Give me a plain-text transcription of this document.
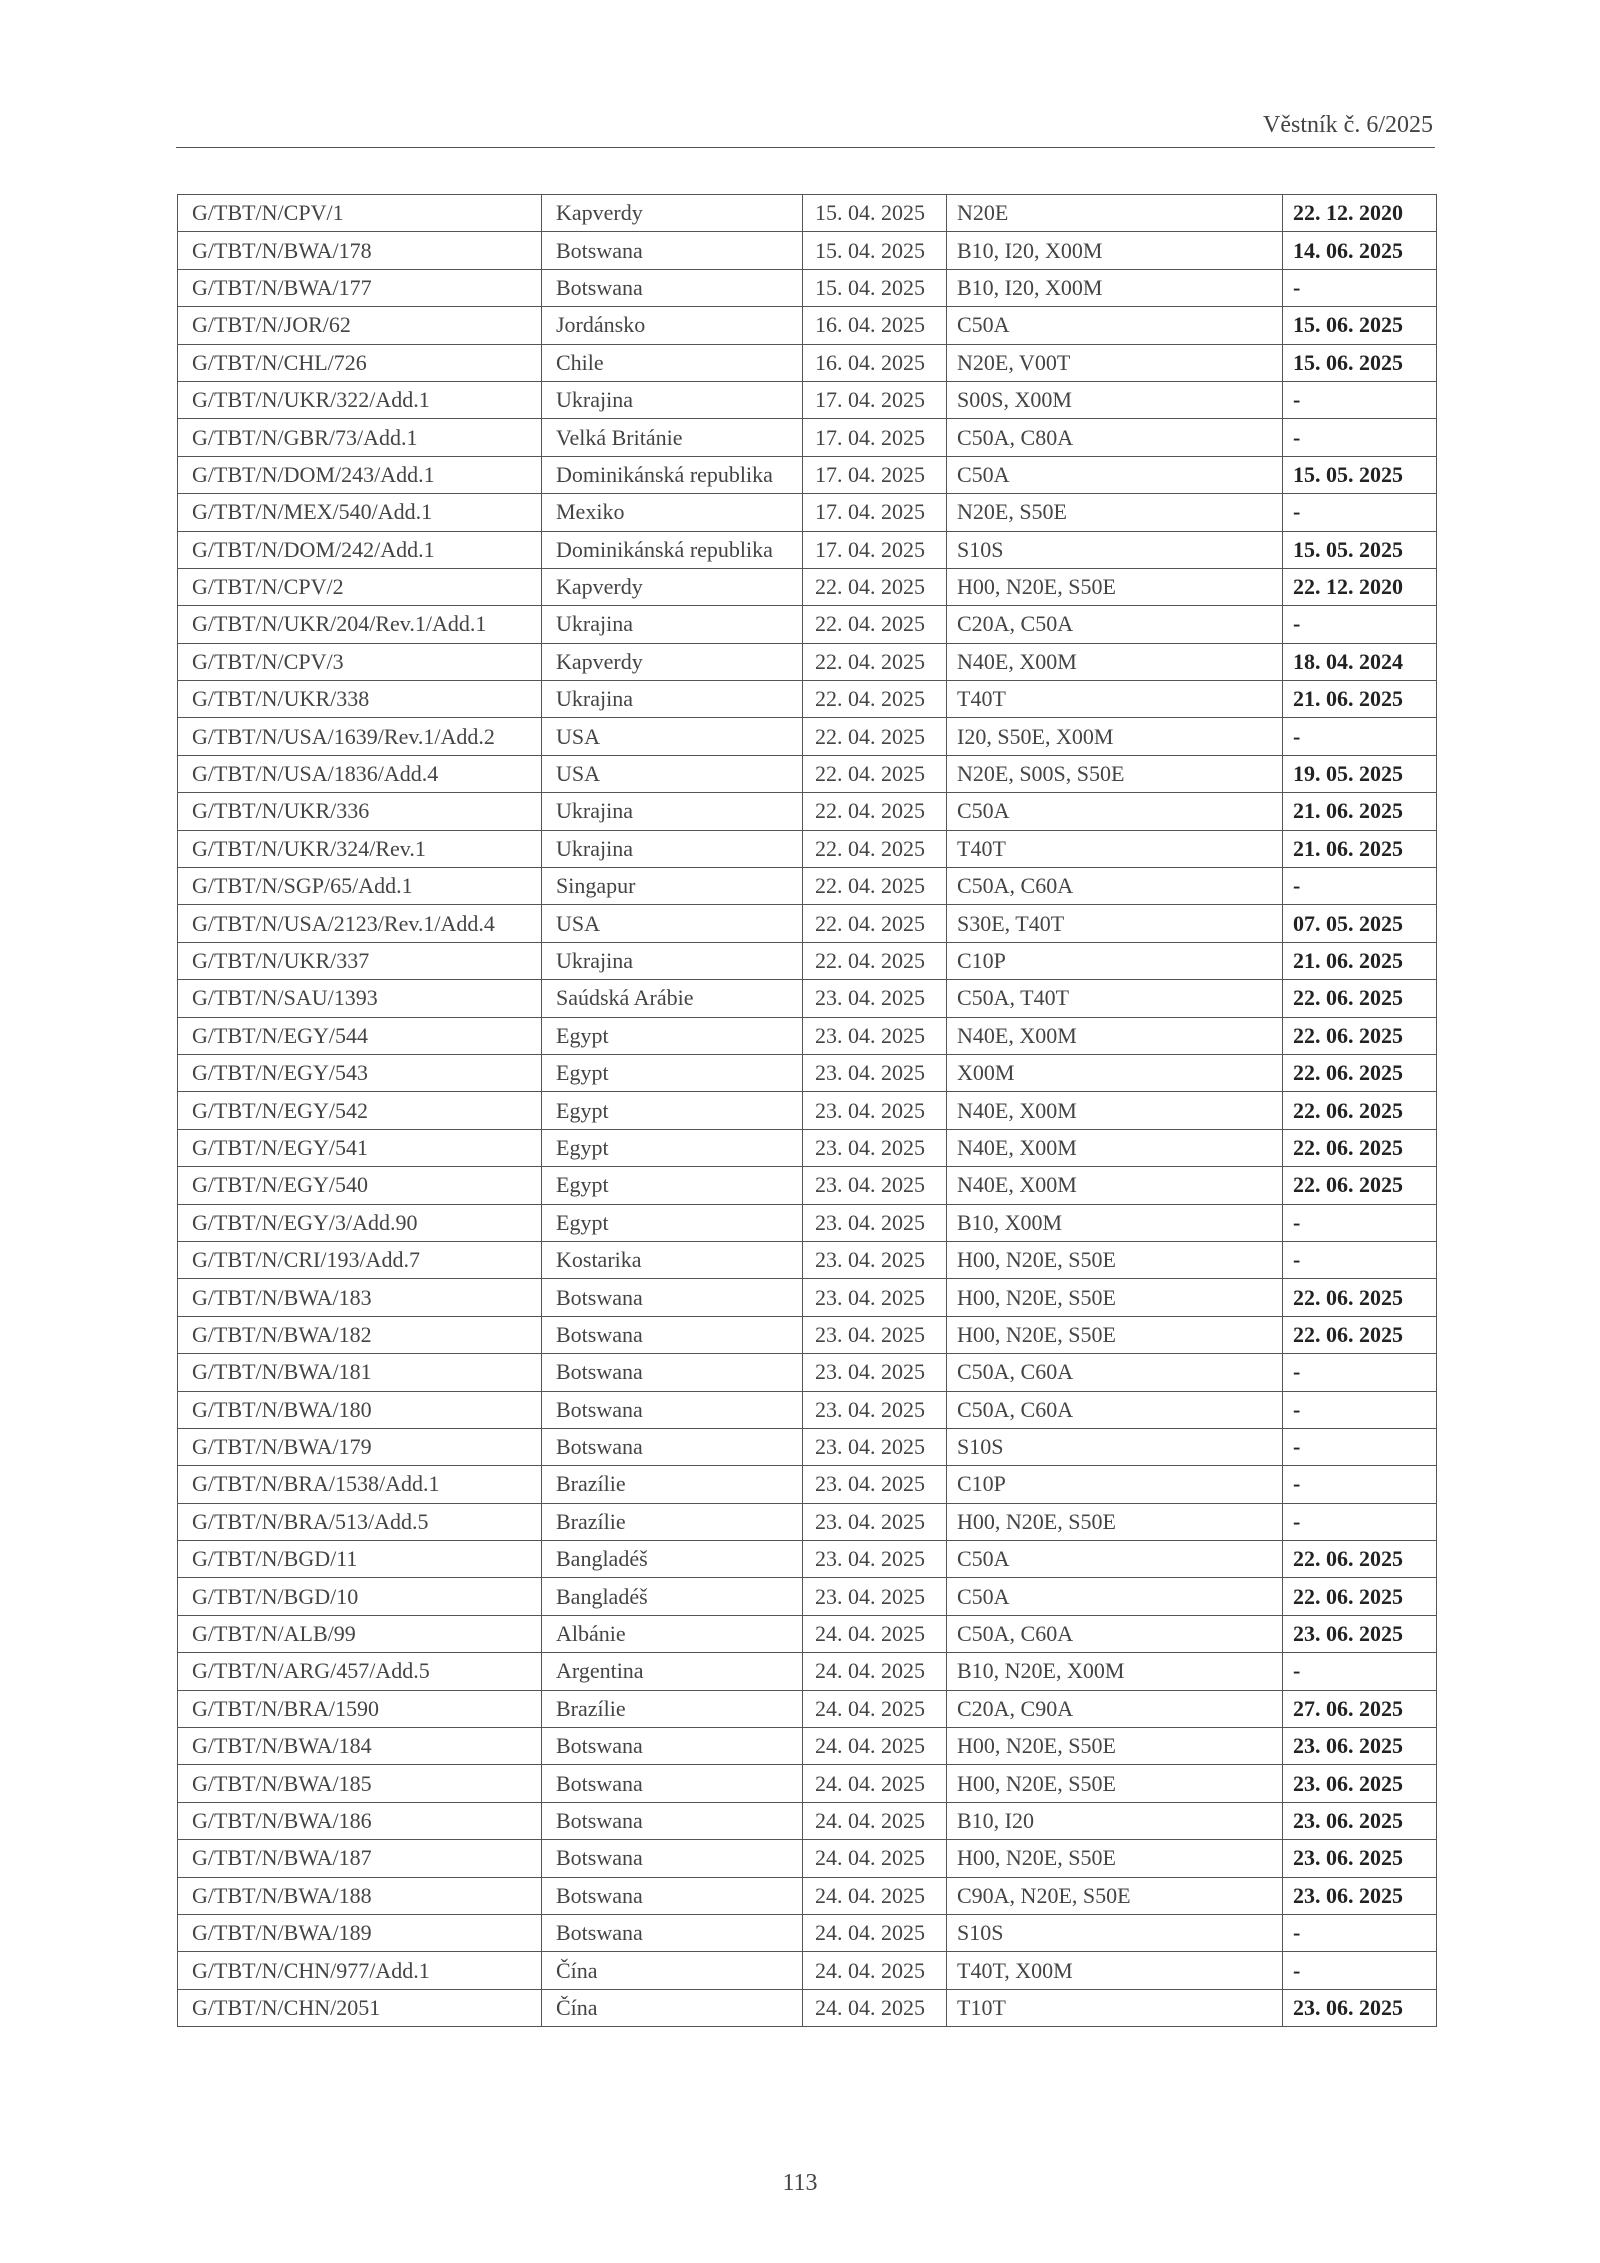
Věstník č. 6/2025
G/TBT/N/CPV/1	Kapverdy	15. 04. 2025	N20E	22. 12. 2020
G/TBT/N/BWA/178	Botswana	15. 04. 2025	B10, I20, X00M	14. 06. 2025
G/TBT/N/BWA/177	Botswana	15. 04. 2025	B10, I20, X00M	-
G/TBT/N/JOR/62	Jordánsko	16. 04. 2025	C50A	15. 06. 2025
G/TBT/N/CHL/726	Chile	16. 04. 2025	N20E, V00T	15. 06. 2025
G/TBT/N/UKR/322/Add.1	Ukrajina	17. 04. 2025	S00S, X00M	-
G/TBT/N/GBR/73/Add.1	Velká Británie	17. 04. 2025	C50A, C80A	-
G/TBT/N/DOM/243/Add.1	Dominikánská republika	17. 04. 2025	C50A	15. 05. 2025
G/TBT/N/MEX/540/Add.1	Mexiko	17. 04. 2025	N20E, S50E	-
G/TBT/N/DOM/242/Add.1	Dominikánská republika	17. 04. 2025	S10S	15. 05. 2025
G/TBT/N/CPV/2	Kapverdy	22. 04. 2025	H00, N20E, S50E	22. 12. 2020
G/TBT/N/UKR/204/Rev.1/Add.1	Ukrajina	22. 04. 2025	C20A, C50A	-
G/TBT/N/CPV/3	Kapverdy	22. 04. 2025	N40E, X00M	18. 04. 2024
G/TBT/N/UKR/338	Ukrajina	22. 04. 2025	T40T	21. 06. 2025
G/TBT/N/USA/1639/Rev.1/Add.2	USA	22. 04. 2025	I20, S50E, X00M	-
G/TBT/N/USA/1836/Add.4	USA	22. 04. 2025	N20E, S00S, S50E	19. 05. 2025
G/TBT/N/UKR/336	Ukrajina	22. 04. 2025	C50A	21. 06. 2025
G/TBT/N/UKR/324/Rev.1	Ukrajina	22. 04. 2025	T40T	21. 06. 2025
G/TBT/N/SGP/65/Add.1	Singapur	22. 04. 2025	C50A, C60A	-
G/TBT/N/USA/2123/Rev.1/Add.4	USA	22. 04. 2025	S30E, T40T	07. 05. 2025
G/TBT/N/UKR/337	Ukrajina	22. 04. 2025	C10P	21. 06. 2025
G/TBT/N/SAU/1393	Saúdská Arábie	23. 04. 2025	C50A, T40T	22. 06. 2025
G/TBT/N/EGY/544	Egypt	23. 04. 2025	N40E, X00M	22. 06. 2025
G/TBT/N/EGY/543	Egypt	23. 04. 2025	X00M	22. 06. 2025
G/TBT/N/EGY/542	Egypt	23. 04. 2025	N40E, X00M	22. 06. 2025
G/TBT/N/EGY/541	Egypt	23. 04. 2025	N40E, X00M	22. 06. 2025
G/TBT/N/EGY/540	Egypt	23. 04. 2025	N40E, X00M	22. 06. 2025
G/TBT/N/EGY/3/Add.90	Egypt	23. 04. 2025	B10, X00M	-
G/TBT/N/CRI/193/Add.7	Kostarika	23. 04. 2025	H00, N20E, S50E	-
G/TBT/N/BWA/183	Botswana	23. 04. 2025	H00, N20E, S50E	22. 06. 2025
G/TBT/N/BWA/182	Botswana	23. 04. 2025	H00, N20E, S50E	22. 06. 2025
G/TBT/N/BWA/181	Botswana	23. 04. 2025	C50A, C60A	-
G/TBT/N/BWA/180	Botswana	23. 04. 2025	C50A, C60A	-
G/TBT/N/BWA/179	Botswana	23. 04. 2025	S10S	-
G/TBT/N/BRA/1538/Add.1	Brazílie	23. 04. 2025	C10P	-
G/TBT/N/BRA/513/Add.5	Brazílie	23. 04. 2025	H00, N20E, S50E	-
G/TBT/N/BGD/11	Bangladéš	23. 04. 2025	C50A	22. 06. 2025
G/TBT/N/BGD/10	Bangladéš	23. 04. 2025	C50A	22. 06. 2025
G/TBT/N/ALB/99	Albánie	24. 04. 2025	C50A, C60A	23. 06. 2025
G/TBT/N/ARG/457/Add.5	Argentina	24. 04. 2025	B10, N20E, X00M	-
G/TBT/N/BRA/1590	Brazílie	24. 04. 2025	C20A, C90A	27. 06. 2025
G/TBT/N/BWA/184	Botswana	24. 04. 2025	H00, N20E, S50E	23. 06. 2025
G/TBT/N/BWA/185	Botswana	24. 04. 2025	H00, N20E, S50E	23. 06. 2025
G/TBT/N/BWA/186	Botswana	24. 04. 2025	B10, I20	23. 06. 2025
G/TBT/N/BWA/187	Botswana	24. 04. 2025	H00, N20E, S50E	23. 06. 2025
G/TBT/N/BWA/188	Botswana	24. 04. 2025	C90A, N20E, S50E	23. 06. 2025
G/TBT/N/BWA/189	Botswana	24. 04. 2025	S10S	-
G/TBT/N/CHN/977/Add.1	Čína	24. 04. 2025	T40T, X00M	-
G/TBT/N/CHN/2051	Čína	24. 04. 2025	T10T	23. 06. 2025
113
